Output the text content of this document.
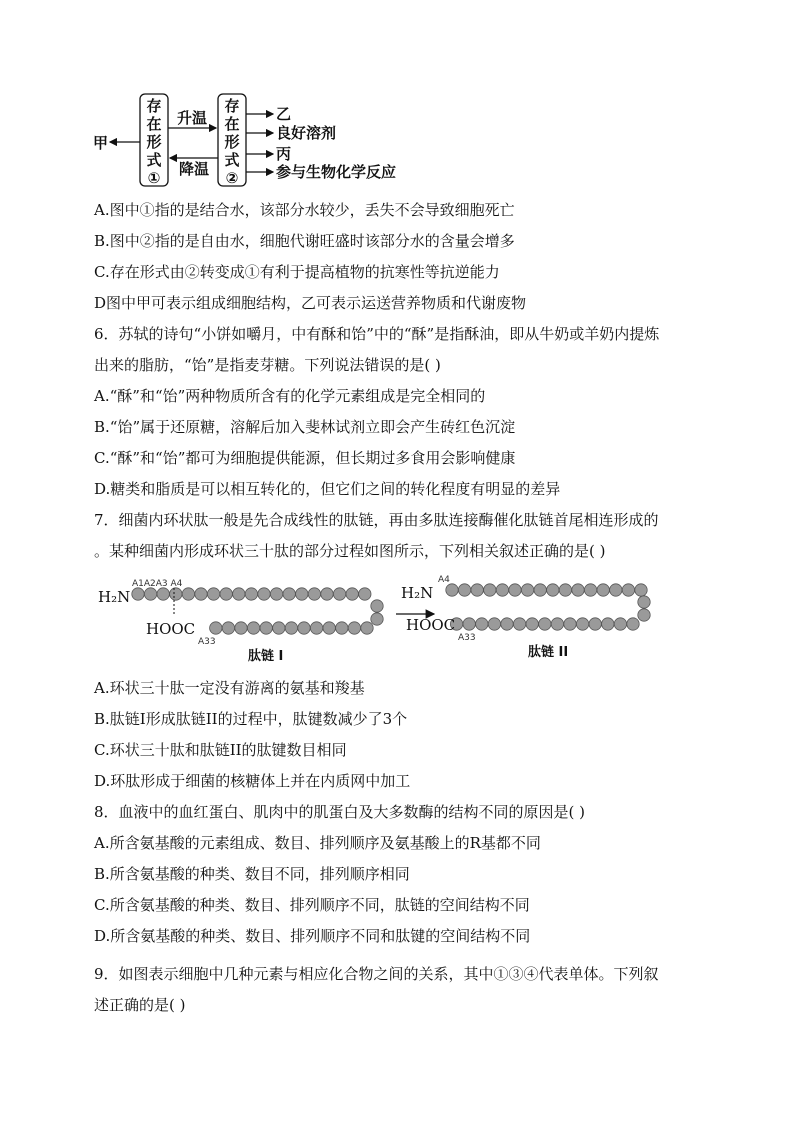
存
在
形
式
①
存
在
形
式
②
升温
降温
甲
乙
良好溶剂
丙
参与生物化学反应
A.图中①指的是结合水，该部分水较少，丢失不会导致细胞死亡
B.图中②指的是自由水，细胞代谢旺盛时该部分水的含量会增多
C.存在形式由②转变成①有利于提高植物的抗寒性等抗逆能力
D图中甲可表示组成细胞结构，乙可表示运送营养物质和代谢废物
6．苏轼的诗句“小饼如嚼月，中有酥和饴”中的“酥”是指酥油，即从牛奶或羊奶内提炼
出来的脂肪，“饴”是指麦芽糖。下列说法错误的是( )
A.“酥”和“饴”两种物质所含有的化学元素组成是完全相同的
B.“饴”属于还原糖，溶解后加入斐林试剂立即会产生砖红色沉淀
C.“酥”和“饴”都可为细胞提供能源，但长期过多食用会影响健康
D.糖类和脂质是可以相互转化的，但它们之间的转化程度有明显的差异
7．细菌内环状肽一般是先合成线性的肽链，再由多肽连接酶催化肽链首尾相连形成的
。某种细菌内形成环状三十肽的部分过程如图所示，下列相关叙述正确的是( )
H₂N
A1A2A3 A4
HOOC
A33
肽链 I
H₂N
A4
HOOC
A33
肽链 II
A.环状三十肽一定没有游离的氨基和羧基
B.肽链I形成肽链II的过程中，肽键数减少了3个
C.环状三十肽和肽链II的肽键数目相同
D.环肽形成于细菌的核糖体上并在内质网中加工
8．血液中的血红蛋白、肌肉中的肌蛋白及大多数酶的结构不同的原因是( )
A.所含氨基酸的元素组成、数目、排列顺序及氨基酸上的R基都不同
B.所含氨基酸的种类、数目不同，排列顺序相同
C.所含氨基酸的种类、数目、排列顺序不同，肽链的空间结构不同
D.所含氨基酸的种类、数目、排列顺序不同和肽键的空间结构不同
9．如图表示细胞中几种元素与相应化合物之间的关系，其中①③④代表单体。下列叙
述正确的是( )
